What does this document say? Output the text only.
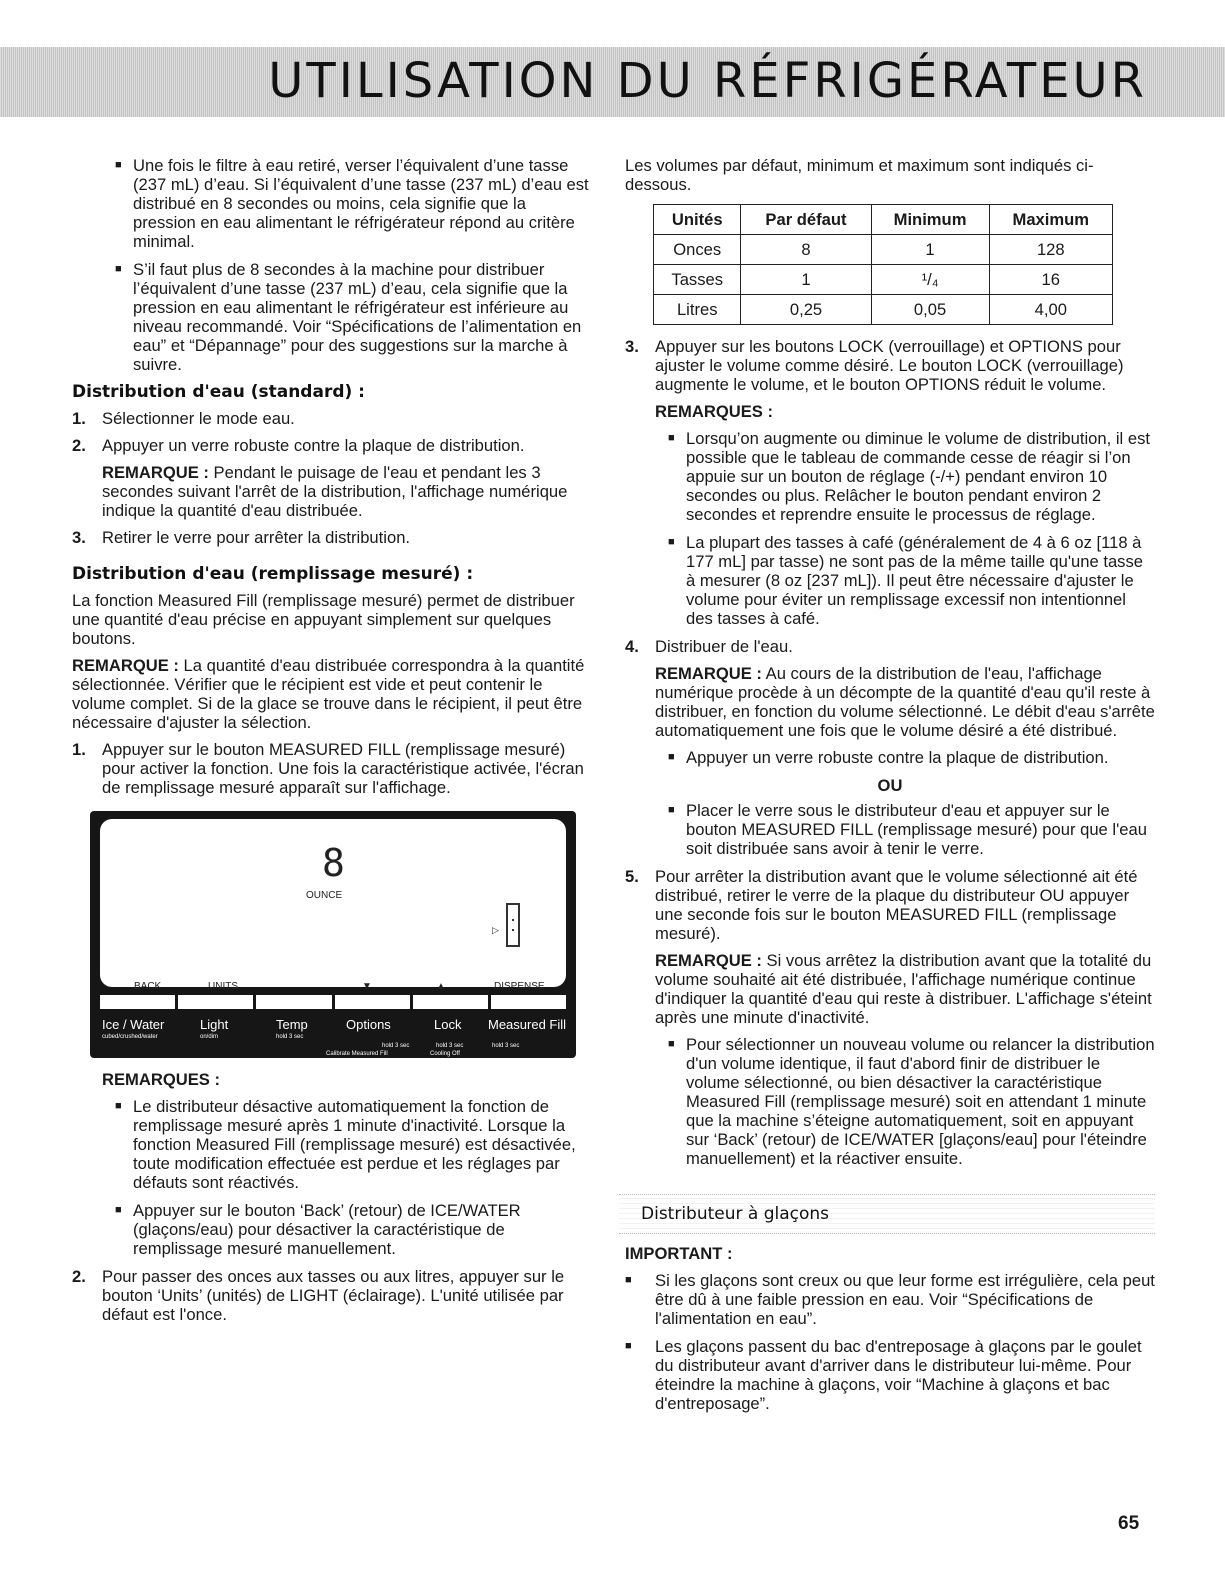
UTILISATION DU RÉFRIGÉRATEUR

■ Une fois le filtre à eau retiré, verser l’équivalent d’une tasse (237 mL) d’eau. Si l’équivalent d’une tasse (237 mL) d’eau est distribué en 8 secondes ou moins, cela signifie que la pression en eau alimentant le réfrigérateur répond au critère minimal.

■ S’il faut plus de 8 secondes à la machine pour distribuer l’équivalent d’une tasse (237 mL) d’eau, cela signifie que la pression en eau alimentant le réfrigérateur est inférieure au niveau recommandé. Voir “Spécifications de l’alimentation en eau” et “Dépannage” pour des suggestions sur la marche à suivre.

Distribution d'eau (standard) :

1. Sélectionner le mode eau.

2. Appuyer un verre robuste contre la plaque de distribution.

REMARQUE : Pendant le puisage de l'eau et pendant les 3 secondes suivant l'arrêt de la distribution, l'affichage numérique indique la quantité d'eau distribuée.

3. Retirer le verre pour arrêter la distribution.

Distribution d'eau (remplissage mesuré) :

La fonction Measured Fill (remplissage mesuré) permet de distribuer une quantité d'eau précise en appuyant simplement sur quelques boutons.

REMARQUE : La quantité d'eau distribuée correspondra à la quantité sélectionnée. Vérifier que le récipient est vide et peut contenir le volume complet. Si de la glace se trouve dans le récipient, il peut être nécessaire d'ajuster la sélection.

1. Appuyer sur le bouton MEASURED FILL (remplissage mesuré) pour activer la fonction. Une fois la caractéristique activée, l'écran de remplissage mesuré apparaît sur l'affichage.

8
OUNCE
▷
BACK	UNITS	▼	▲	DISPENSE
Ice / Water
cubed/crushed/water
Light
on/dim
Temp
hold 3 sec
Options	Lock Measured Fill
hold 3 sec	hold 3 sec	hold 3 sec
Calibrate Measured Fill	Cooling Off

REMARQUES :

■ Le distributeur désactive automatiquement la fonction de remplissage mesuré après 1 minute d'inactivité. Lorsque la fonction Measured Fill (remplissage mesuré) est désactivée, toute modification effectuée est perdue et les réglages par défauts sont réactivés.

■ Appuyer sur le bouton ‘Back’ (retour) de ICE/WATER (glaçons/eau) pour désactiver la caractéristique de remplissage mesuré manuellement.

2. Pour passer des onces aux tasses ou aux litres, appuyer sur le bouton ‘Units’ (unités) de LIGHT (éclairage). L'unité utilisée par défaut est l'once.

Les volumes par défaut, minimum et maximum sont indiqués ci-dessous.

Unités	Par défaut	Minimum	Maximum
Onces	8	1	128
Tasses	1	¹/₄	16
Litres	0,25	0,05	4,00

3. Appuyer sur les boutons LOCK (verrouillage) et OPTIONS pour ajuster le volume comme désiré. Le bouton LOCK (verrouillage) augmente le volume, et le bouton OPTIONS réduit le volume.

REMARQUES :

■ Lorsqu’on augmente ou diminue le volume de distribution, il est possible que le tableau de commande cesse de réagir si l’on appuie sur un bouton de réglage (-/+) pendant environ 10 secondes ou plus. Relâcher le bouton pendant environ 2 secondes et reprendre ensuite le processus de réglage.

■ La plupart des tasses à café (généralement de 4 à 6 oz [118 à 177 mL] par tasse) ne sont pas de la même taille qu'une tasse à mesurer (8 oz [237 mL]). Il peut être nécessaire d'ajuster le volume pour éviter un remplissage excessif non intentionnel des tasses à café.

4. Distribuer de l'eau.

REMARQUE : Au cours de la distribution de l'eau, l'affichage numérique procède à un décompte de la quantité d'eau qu'il reste à distribuer, en fonction du volume sélectionné. Le débit d'eau s'arrête automatiquement une fois que le volume désiré a été distribué.

■ Appuyer un verre robuste contre la plaque de distribution.

OU

■ Placer le verre sous le distributeur d'eau et appuyer sur le bouton MEASURED FILL (remplissage mesuré) pour que l'eau soit distribuée sans avoir à tenir le verre.

5. Pour arrêter la distribution avant que le volume sélectionné ait été distribué, retirer le verre de la plaque du distributeur OU appuyer une seconde fois sur le bouton MEASURED FILL (remplissage mesuré).

REMARQUE : Si vous arrêtez la distribution avant que la totalité du volume souhaité ait été distribuée, l'affichage numérique continue d'indiquer la quantité d'eau qui reste à distribuer. L'affichage s'éteint après une minute d'inactivité.

■ Pour sélectionner un nouveau volume ou relancer la distribution d'un volume identique, il faut d'abord finir de distribuer le volume sélectionné, ou bien désactiver la caractéristique Measured Fill (remplissage mesuré) soit en attendant 1 minute que la machine s’éteigne automatiquement, soit en appuyant sur ‘Back’ (retour) de ICE/WATER [glaçons/eau] pour l'éteindre manuellement) et la réactiver ensuite.

Distributeur à glaçons

IMPORTANT :

■ Si les glaçons sont creux ou que leur forme est irrégulière, cela peut être dû à une faible pression en eau. Voir “Spécifications de l'alimentation en eau”.

■ Les glaçons passent du bac d'entreposage à glaçons par le goulet du distributeur avant d'arriver dans le distributeur lui-même. Pour éteindre la machine à glaçons, voir “Machine à glaçons et bac d'entreposage”.

65
